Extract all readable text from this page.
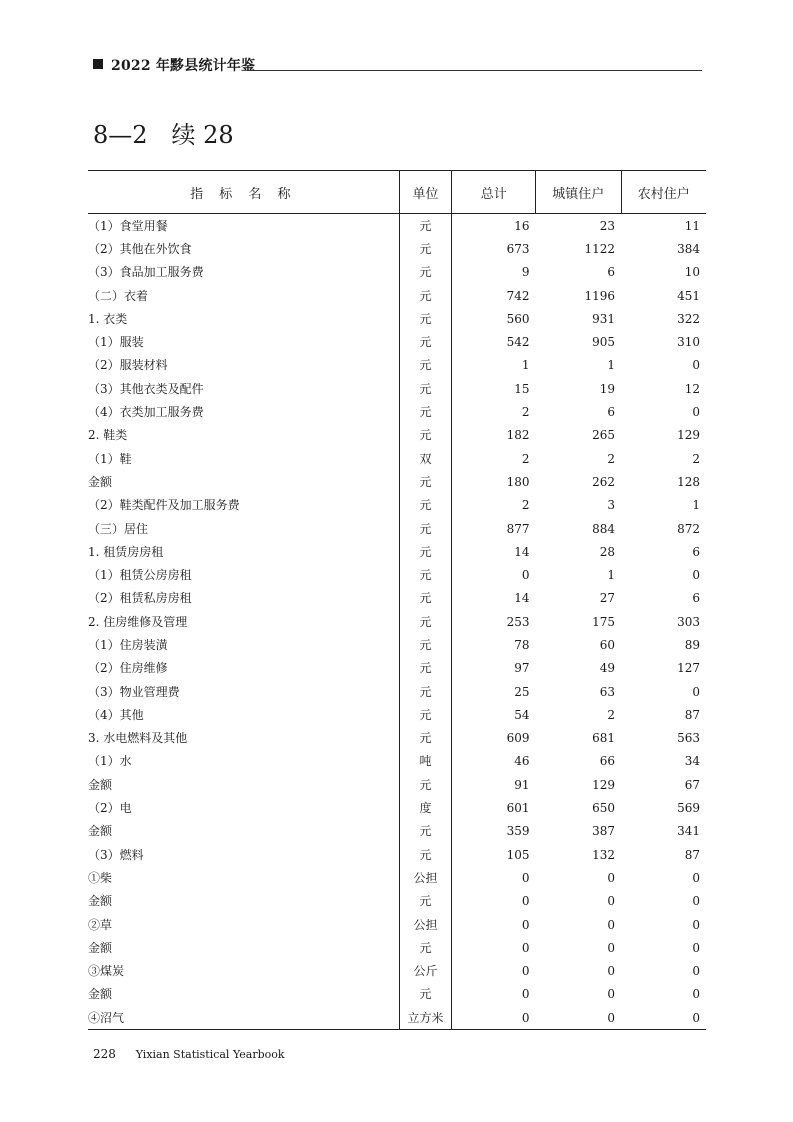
2022 年黟县统计年鉴
8—2　续 28
指 标 名 称	单位	总计	城镇住户	农村住户
（1）食堂用餐	元	16	23	11
（2）其他在外饮食	元	673	1122	384
（3）食品加工服务费	元	9	6	10
（二）衣着	元	742	1196	451
1. 衣类	元	560	931	322
（1）服装	元	542	905	310
（2）服装材料	元	1	1	0
（3）其他衣类及配件	元	15	19	12
（4）衣类加工服务费	元	2	6	0
2. 鞋类	元	182	265	129
（1）鞋	双	2	2	2
金额	元	180	262	128
（2）鞋类配件及加工服务费	元	2	3	1
（三）居住	元	877	884	872
1. 租赁房房租	元	14	28	6
（1）租赁公房房租	元	0	1	0
（2）租赁私房房租	元	14	27	6
2. 住房维修及管理	元	253	175	303
（1）住房装潢	元	78	60	89
（2）住房维修	元	97	49	127
（3）物业管理费	元	25	63	0
（4）其他	元	54	2	87
3. 水电燃料及其他	元	609	681	563
（1）水	吨	46	66	34
金额	元	91	129	67
（2）电	度	601	650	569
金额	元	359	387	341
（3）燃料	元	105	132	87
①柴	公担	0	0	0
金额	元	0	0	0
②草	公担	0	0	0
金额	元	0	0	0
③煤炭	公斤	0	0	0
金额	元	0	0	0
④沼气	立方米	0	0	0
228 Yixian Statistical Yearbook
